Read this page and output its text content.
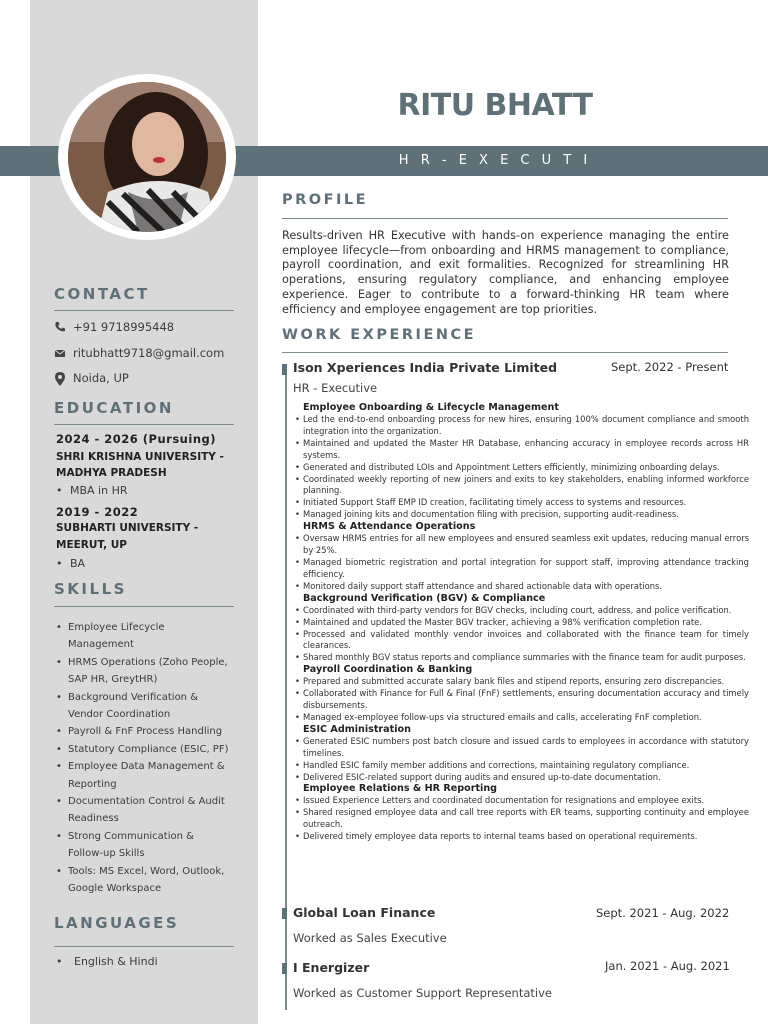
RITU BHATT
H R - E X E C U T I V E
CONTACT
+91 9718995448
ritubhatt9718@gmail.com
Noida, UP
EDUCATION
2024 - 2026 (Pursuing)
SHRI KRISHNA UNIVERSITY -
MADHYA PRADESH
• MBA in HR
2019 - 2022
SUBHARTI UNIVERSITY -
MEERUT, UP
• BA
SKILLS
• Employee Lifecycle Management
• HRMS Operations (Zoho People, SAP HR, GreytHR)
• Background Verification & Vendor Coordination
• Payroll & FnF Process Handling
• Statutory Compliance (ESIC, PF)
• Employee Data Management & Reporting
• Documentation Control & Audit Readiness
• Strong Communication & Follow-up Skills
• Tools: MS Excel, Word, Outlook, Google Workspace
LANGUAGES
• English & Hindi
PROFILE
Results-driven HR Executive with hands-on experience managing the entire employee lifecycle—from onboarding and HRMS management to compliance, payroll coordination, and exit formalities. Recognized for streamlining HR operations, ensuring regulatory compliance, and enhancing employee experience. Eager to contribute to a forward-thinking HR team where efficiency and employee engagement are top priorities.
WORK EXPERIENCE
Ison Xperiences India Private Limited	Sept. 2022 - Present
HR - Executive
Employee Onboarding & Lifecycle Management
• Led the end-to-end onboarding process for new hires, ensuring 100% document compliance and smooth integration into the organization.
• Maintained and updated the Master HR Database, enhancing accuracy in employee records across HR systems.
• Generated and distributed LOIs and Appointment Letters efficiently, minimizing onboarding delays.
• Coordinated weekly reporting of new joiners and exits to key stakeholders, enabling informed workforce planning.
• Initiated Support Staff EMP ID creation, facilitating timely access to systems and resources.
• Managed joining kits and documentation filing with precision, supporting audit-readiness.
HRMS & Attendance Operations
• Oversaw HRMS entries for all new employees and ensured seamless exit updates, reducing manual errors by 25%.
• Managed biometric registration and portal integration for support staff, improving attendance tracking efficiency.
• Monitored daily support staff attendance and shared actionable data with operations.
Background Verification (BGV) & Compliance
• Coordinated with third-party vendors for BGV checks, including court, address, and police verification.
• Maintained and updated the Master BGV tracker, achieving a 98% verification completion rate.
• Processed and validated monthly vendor invoices and collaborated with the finance team for timely clearances.
• Shared monthly BGV status reports and compliance summaries with the finance team for audit purposes.
Payroll Coordination & Banking
• Prepared and submitted accurate salary bank files and stipend reports, ensuring zero discrepancies.
• Collaborated with Finance for Full & Final (FnF) settlements, ensuring documentation accuracy and timely disbursements.
• Managed ex-employee follow-ups via structured emails and calls, accelerating FnF completion.
ESIC Administration
• Generated ESIC numbers post batch closure and issued cards to employees in accordance with statutory timelines.
• Handled ESIC family member additions and corrections, maintaining regulatory compliance.
• Delivered ESIC-related support during audits and ensured up-to-date documentation.
Employee Relations & HR Reporting
• Issued Experience Letters and coordinated documentation for resignations and employee exits.
• Shared resigned employee data and call tree reports with ER teams, supporting continuity and employee outreach.
• Delivered timely employee data reports to internal teams based on operational requirements.
Global Loan Finance	Sept. 2021 - Aug. 2022
Worked as Sales Executive
I Energizer	Jan. 2021 - Aug. 2021
Worked as Customer Support Representative
